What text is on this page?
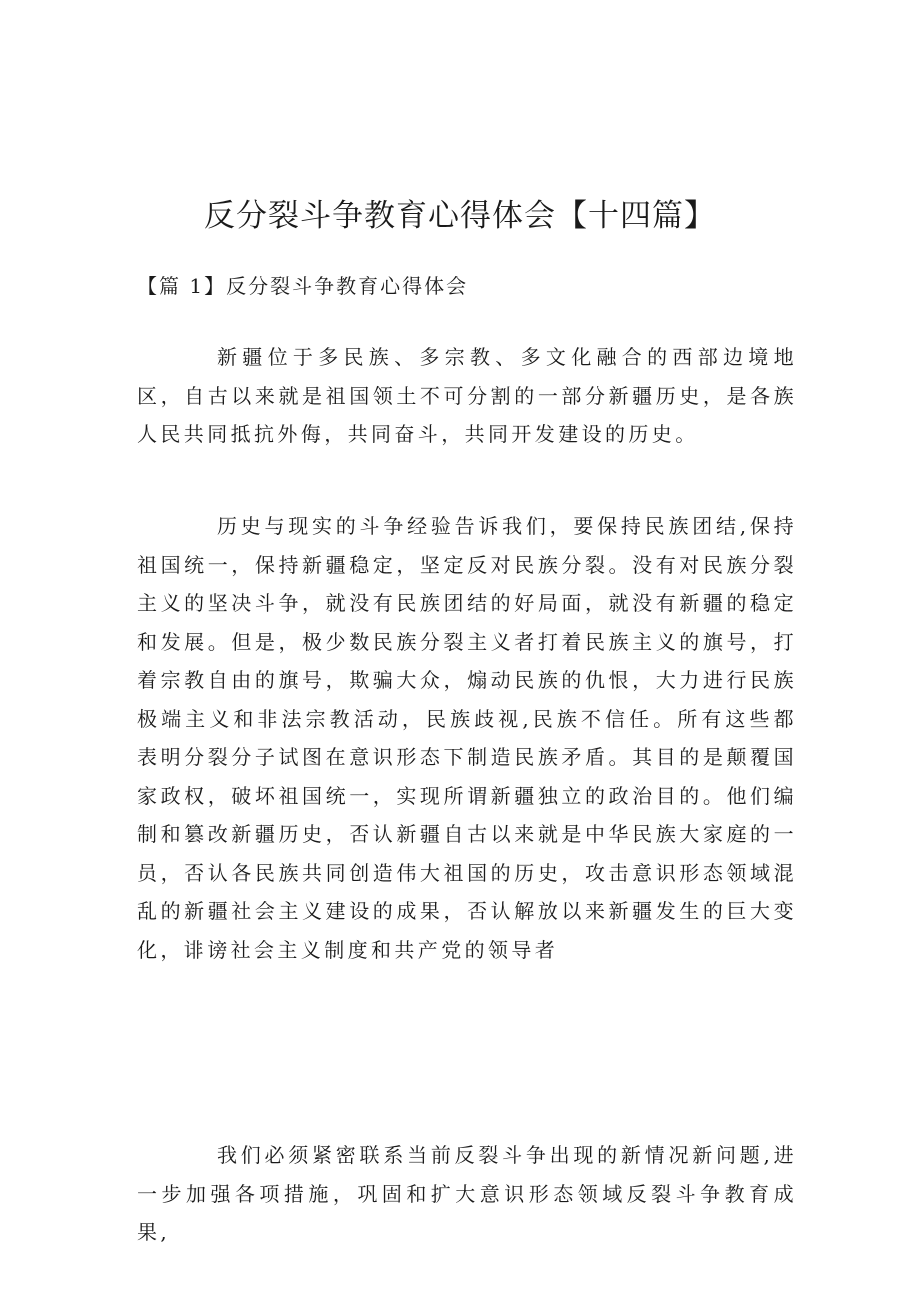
反分裂斗争教育心得体会【十四篇】
【篇 1】反分裂斗争教育心得体会

新疆位于多民族、多宗教、多文化融合的西部边境地区，自古以来就是祖国领土不可分割的一部分新疆历史，是各族人民共同抵抗外侮，共同奋斗，共同开发建设的历史。

历史与现实的斗争经验告诉我们，要保持民族团结,保持祖国统一，保持新疆稳定，坚定反对民族分裂。没有对民族分裂主义的坚决斗争，就没有民族团结的好局面，就没有新疆的稳定和发展。但是，极少数民族分裂主义者打着民族主义的旗号，打着宗教自由的旗号，欺骗大众，煽动民族的仇恨，大力进行民族极端主义和非法宗教活动，民族歧视,民族不信任。所有这些都表明分裂分子试图在意识形态下制造民族矛盾。其目的是颠覆国家政权，破坏祖国统一，实现所谓新疆独立的政治目的。他们编制和篡改新疆历史，否认新疆自古以来就是中华民族大家庭的一员，否认各民族共同创造伟大祖国的历史，攻击意识形态领域混乱的新疆社会主义建设的成果，否认解放以来新疆发生的巨大变化，诽谤社会主义制度和共产党的领导者

我们必须紧密联系当前反裂斗争出现的新情况新问题,进一步加强各项措施，巩固和扩大意识形态领域反裂斗争教育成果,
